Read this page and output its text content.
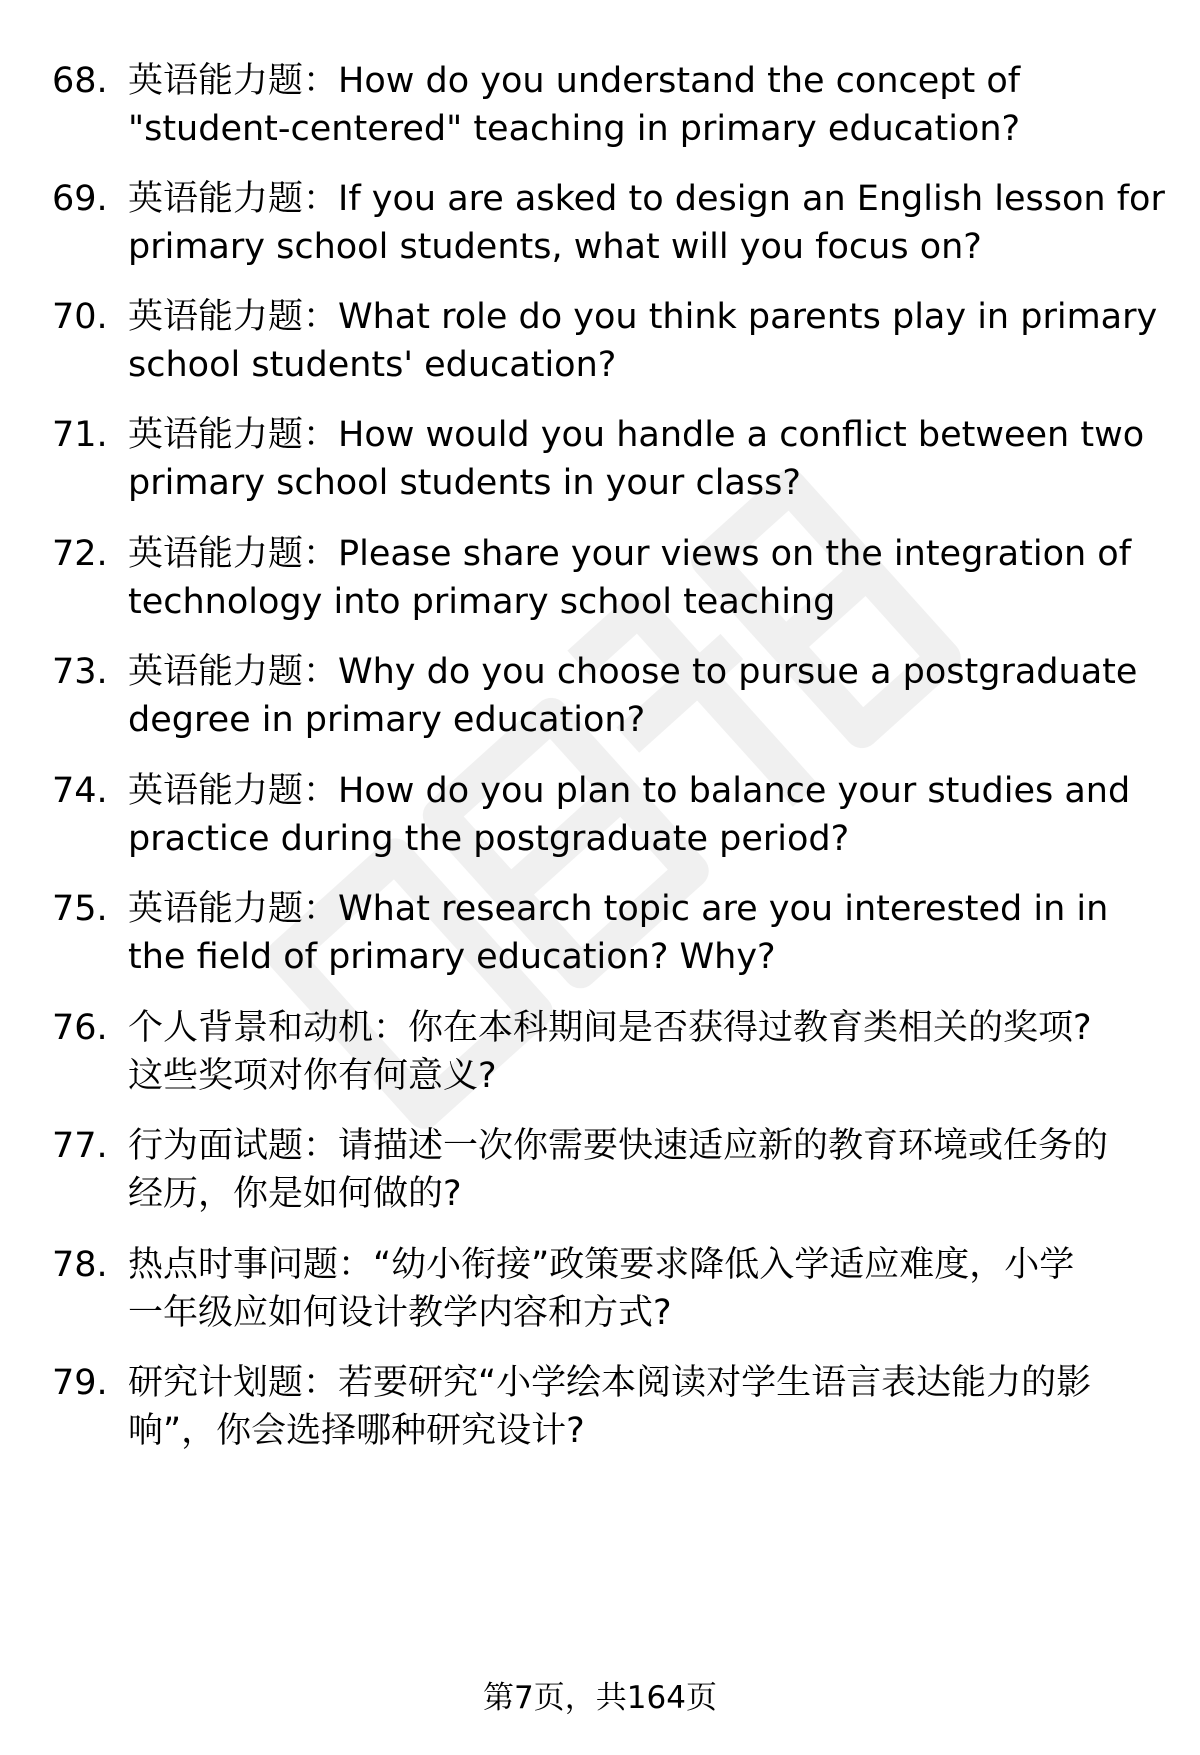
68. 英语能力题：How do you understand the concept of
"student-centered" teaching in primary education?
69. 英语能力题：If you are asked to design an English lesson for
primary school students, what will you focus on?
70. 英语能力题：What role do you think parents play in primary
school students' education?
71. 英语能力题：How would you handle a conflict between two
primary school students in your class?
72. 英语能力题：Please share your views on the integration of
technology into primary school teaching
73. 英语能力题：Why do you choose to pursue a postgraduate
degree in primary education?
74. 英语能力题：How do you plan to balance your studies and
practice during the postgraduate period?
75. 英语能力题：What research topic are you interested in in
the field of primary education? Why?
76. 个人背景和动机：你在本科期间是否获得过教育类相关的奖项?
这些奖项对你有何意义?
77. 行为面试题：请描述一次你需要快速适应新的教育环境或任务的
经历，你是如何做的?
78. 热点时事问题：“幼小衔接”政策要求降低入学适应难度，小学
一年级应如何设计教学内容和方式?
79. 研究计划题：若要研究“小学绘本阅读对学生语言表达能力的影
响”，你会选择哪种研究设计?
第7页，共164页
